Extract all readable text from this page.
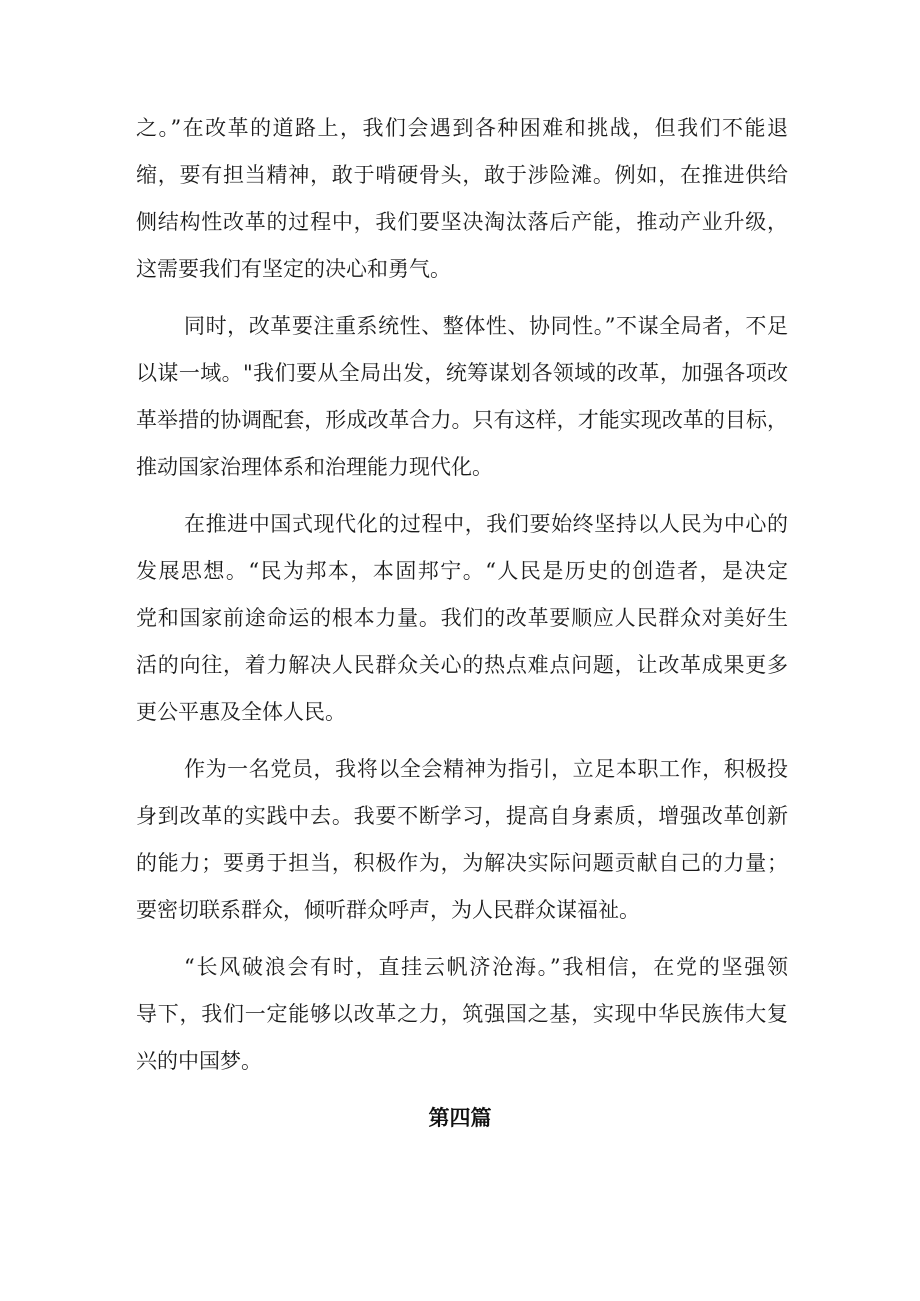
之。”在改革的道路上，我们会遇到各种困难和挑战，但我们不能退
缩，要有担当精神，敢于啃硬骨头，敢于涉险滩。例如，在推进供给
侧结构性改革的过程中，我们要坚决淘汰落后产能，推动产业升级，
这需要我们有坚定的决心和勇气。
同时，改革要注重系统性、整体性、协同性。”不谋全局者，不足
以谋一域。"我们要从全局出发，统筹谋划各领域的改革，加强各项改
革举措的协调配套，形成改革合力。只有这样，才能实现改革的目标，
推动国家治理体系和治理能力现代化。
在推进中国式现代化的过程中，我们要始终坚持以人民为中心的
发展思想。“民为邦本，本固邦宁。“人民是历史的创造者，是决定
党和国家前途命运的根本力量。我们的改革要顺应人民群众对美好生
活的向往，着力解决人民群众关心的热点难点问题，让改革成果更多
更公平惠及全体人民。
作为一名党员，我将以全会精神为指引，立足本职工作，积极投
身到改革的实践中去。我要不断学习，提高自身素质，增强改革创新
的能力；要勇于担当，积极作为，为解决实际问题贡献自己的力量；
要密切联系群众，倾听群众呼声，为人民群众谋福祉。
“长风破浪会有时，直挂云帆济沧海。”我相信，在党的坚强领
导下，我们一定能够以改革之力，筑强国之基，实现中华民族伟大复
兴的中国梦。
第四篇
